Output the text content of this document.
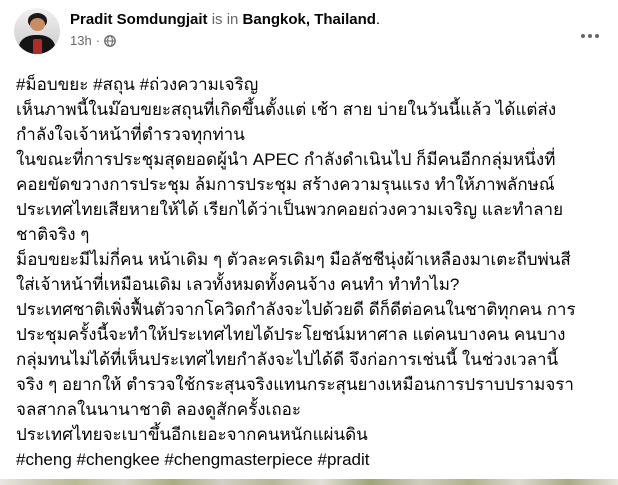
Pradit Somdungjait is in Bangkok, Thailand.
13h ·
#ม็อบขยะ #สถุน #ถ่วงความเจริญ
เห็นภาพนี้ในม๊อบขยะสถุนที่เกิดขึ้นตั้งแต่ เช้า สาย บ่ายในวันนี้แล้ว ได้แต่ส่ง
กำลังใจเจ้าหน้าที่ตำรวจทุกท่าน
ในขณะที่การประชุมสุดยอดผู้นำ APEC กำลังดำเนินไป ก็มีคนอีกกลุ่มหนึ่งที่
คอยขัดขวางการประชุม ล้มการประชุม สร้างความรุนแรง ทำให้ภาพลักษณ์
ประเทศไทยเสียหายให้ได้ เรียกได้ว่าเป็นพวกคอยถ่วงความเจริญ และทำลาย
ชาติจริง ๆ
ม็อบขยะมีไม่กี่คน หน้าเดิม ๆ ตัวละครเดิมๆ มือลัชชีนุ่งผ้าเหลืองมาเตะถีบพ่นสี
ใส่เจ้าหน้าที่เหมือนเดิม เลวทั้งหมดทั้งคนจ้าง คนทำ ทำทำไม?
ประเทศชาติเพิ่งฟื้นตัวจากโควิดกำลังจะไปด้วยดี ดีก็ดีต่อคนในชาติทุกคน การ
ประชุมครั้งนี้จะทำให้ประเทศไทยได้ประโยชน์มหาศาล แต่คนบางคน คนบาง
กลุ่มทนไม่ได้ที่เห็นประเทศไทยกำลังจะไปได้ดี จึงก่อการเช่นนี้ ในช่วงเวลานี้
จริง ๆ อยากให้ ตำรวจใช้กระสุนจริงแทนกระสุนยางเหมือนการปราบปรามจรา
จลสากลในนานาชาติ ลองดูสักครั้งเถอะ
ประเทศไทยจะเบาขึ้นอีกเยอะจากคนหนักแผ่นดิน
#cheng #chengkee #chengmasterpiece #pradit
